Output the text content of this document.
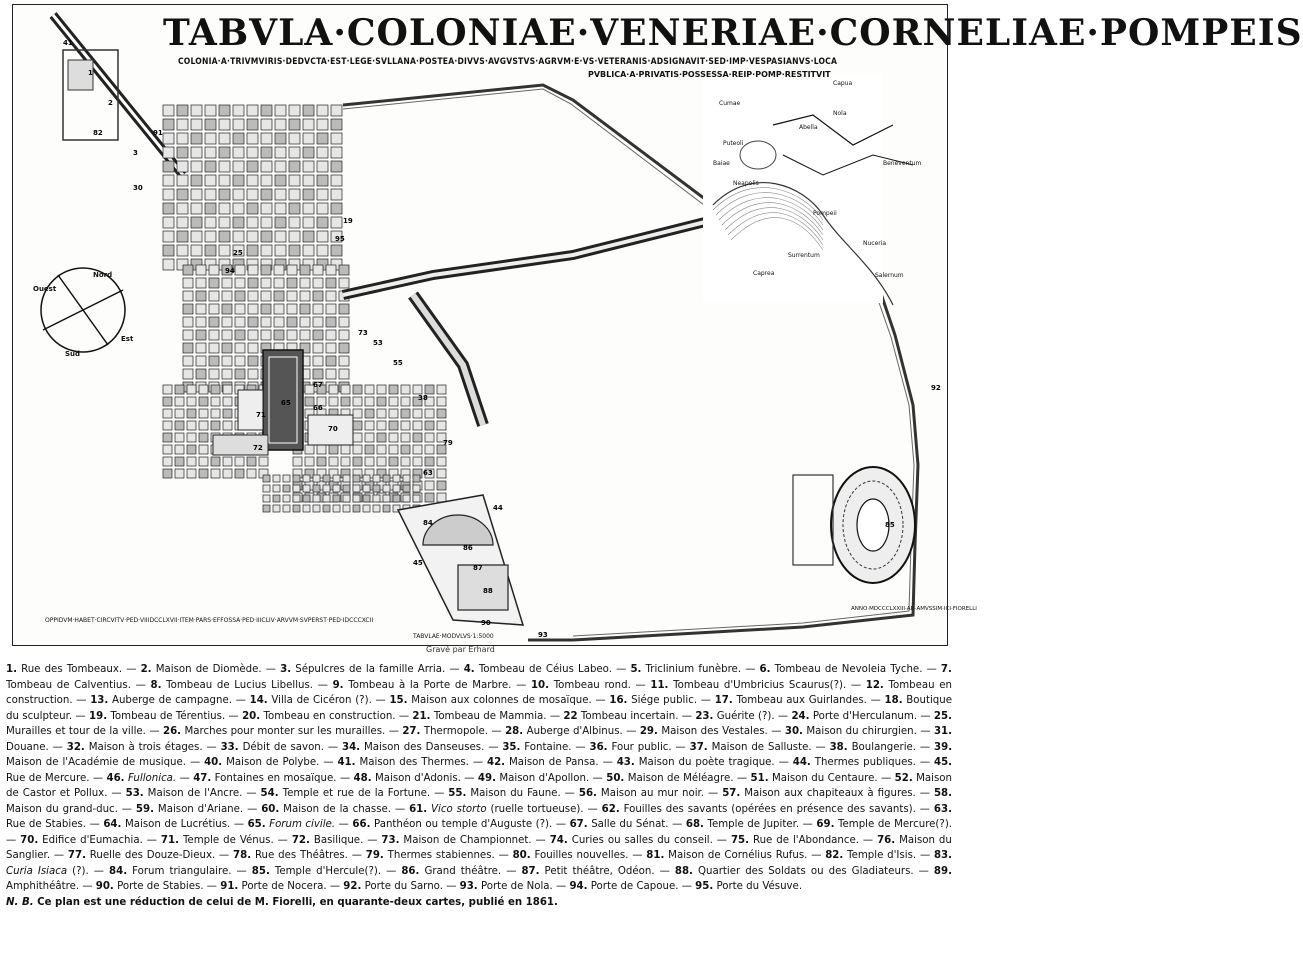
72
70
71
67
65
66
73
79
84	85
86
87
88
92
93
90
94
95
19
25
53
55
38
63
44
45
30
82	91
41
1
2
3
Capua
Cumae
Neapolis
Pompeii
Surrentum
Nuceria
Salernum
Beneventum
Abella
Nola
Puteoli
Baiae
Caprea
TABVLA·COLONIAE·VENERIAE·CORNELIAE·POMPEIS
COLONIA·A·TRIVMVIRIS·DEDVCTA·EST·LEGE·SVLLANA·POSTEA·DIVVS·AVGVSTVS·AGRVM·E·VS·VETERANIS·ADSIGNAVIT·SED·IMP·VESPASIANVS·LOCA
PVBLICA·A·PRIVATIS·POSSESSA·REIP·POMP·RESTITVIT
Nord
Ouest
Est
Sud
OPPIDVM·HABET·CIRCVITV·PED·VIIIDCCLXVII·ITEM·PARS·EFFOSSA·PED·IIICLIV·ARVVM·SVPERST·PED·IDCCCXCII
TABVLAE·MODVLVS·1:5000
ANNO·MDCCCLXXIII·AD·AMVSSIM·ICI·FIORELLI
Gravé par Erhard
1. Rue des Tombeaux. — 2. Maison de Diomède. — 3. Sépulcres de la famille Arria. — 4. Tombeau de Céius Labeo. — 5. Triclinium funèbre. — 6. Tombeau de Nevoleia Tyche. — 7. Tombeau de Calventius. — 8. Tombeau de Lucius Libellus. — 9. Tombeau à la Porte de Marbre. — 10. Tombeau rond. — 11. Tombeau d'Umbricius Scaurus(?). — 12. Tombeau en construction. — 13. Auberge de campagne. — 14. Villa de Cicéron (?). — 15. Maison aux colonnes de mosaïque. — 16. Siége public. — 17. Tombeau aux Guirlandes. — 18. Boutique du sculpteur. — 19. Tombeau de Térentius. — 20. Tombeau en construction. — 21. Tombeau de Mammia. — 22 Tombeau incertain. — 23. Guérite (?). — 24. Porte d'Herculanum. — 25. Murailles et tour de la ville. — 26. Marches pour monter sur les murailles. — 27. Thermopole. — 28. Auberge d'Albinus. — 29. Maison des Vestales. — 30. Maison du chirurgien. — 31. Douane. — 32. Maison à trois étages. — 33. Débit de savon. — 34. Maison des Danseuses. — 35. Fontaine. — 36. Four public. — 37. Maison de Salluste. — 38. Boulangerie. — 39. Maison de l'Académie de musique. — 40. Maison de Polybe. — 41. Maison des Thermes. — 42. Maison de Pansa. — 43. Maison du poète tragique. — 44. Thermes publiques. — 45. Rue de Mercure. — 46. Fullonica. — 47. Fontaines en mosaïque. — 48. Maison d'Adonis. — 49. Maison d'Apollon. — 50. Maison de Méléagre. — 51. Maison du Centaure. — 52. Maison de Castor et Pollux. — 53. Maison de l'Ancre. — 54. Temple et rue de la Fortune. — 55. Maison du Faune. — 56. Maison au mur noir. — 57. Maison aux chapiteaux à figures. — 58. Maison du grand-duc. — 59. Maison d'Ariane. — 60. Maison de la chasse. — 61. Vico storto (ruelle tortueuse). — 62. Fouilles des savants (opérées en présence des savants). — 63. Rue de Stabies. — 64. Maison de Lucrétius. — 65. Forum civile. — 66. Panthéon ou temple d'Auguste (?). — 67. Salle du Sénat. — 68. Temple de Jupiter. — 69. Temple de Mercure(?). — 70. Edifice d'Eumachia. — 71. Temple de Vénus. — 72. Basilique. — 73. Maison de Championnet. — 74. Curies ou salles du conseil. — 75. Rue de l'Abondance. — 76. Maison du Sanglier. — 77. Ruelle des Douze-Dieux. — 78. Rue des Théâtres. — 79. Thermes stabiennes. — 80. Fouilles nouvelles. — 81. Maison de Cornélius Rufus. — 82. Temple d'Isis. — 83. Curia Isiaca (?). — 84. Forum triangulaire. — 85. Temple d'Hercule(?). — 86. Grand théâtre. — 87. Petit théâtre, Odéon. — 88. Quartier des Soldats ou des Gladiateurs. — 89. Amphithéâtre. — 90. Porte de Stabies. — 91. Porte de Nocera. — 92. Porte du Sarno. — 93. Porte de Nola. — 94. Porte de Capoue. — 95. Porte du Vésuve.
N. B. Ce plan est une réduction de celui de M. Fiorelli, en quarante-deux cartes, publié en 1861.
